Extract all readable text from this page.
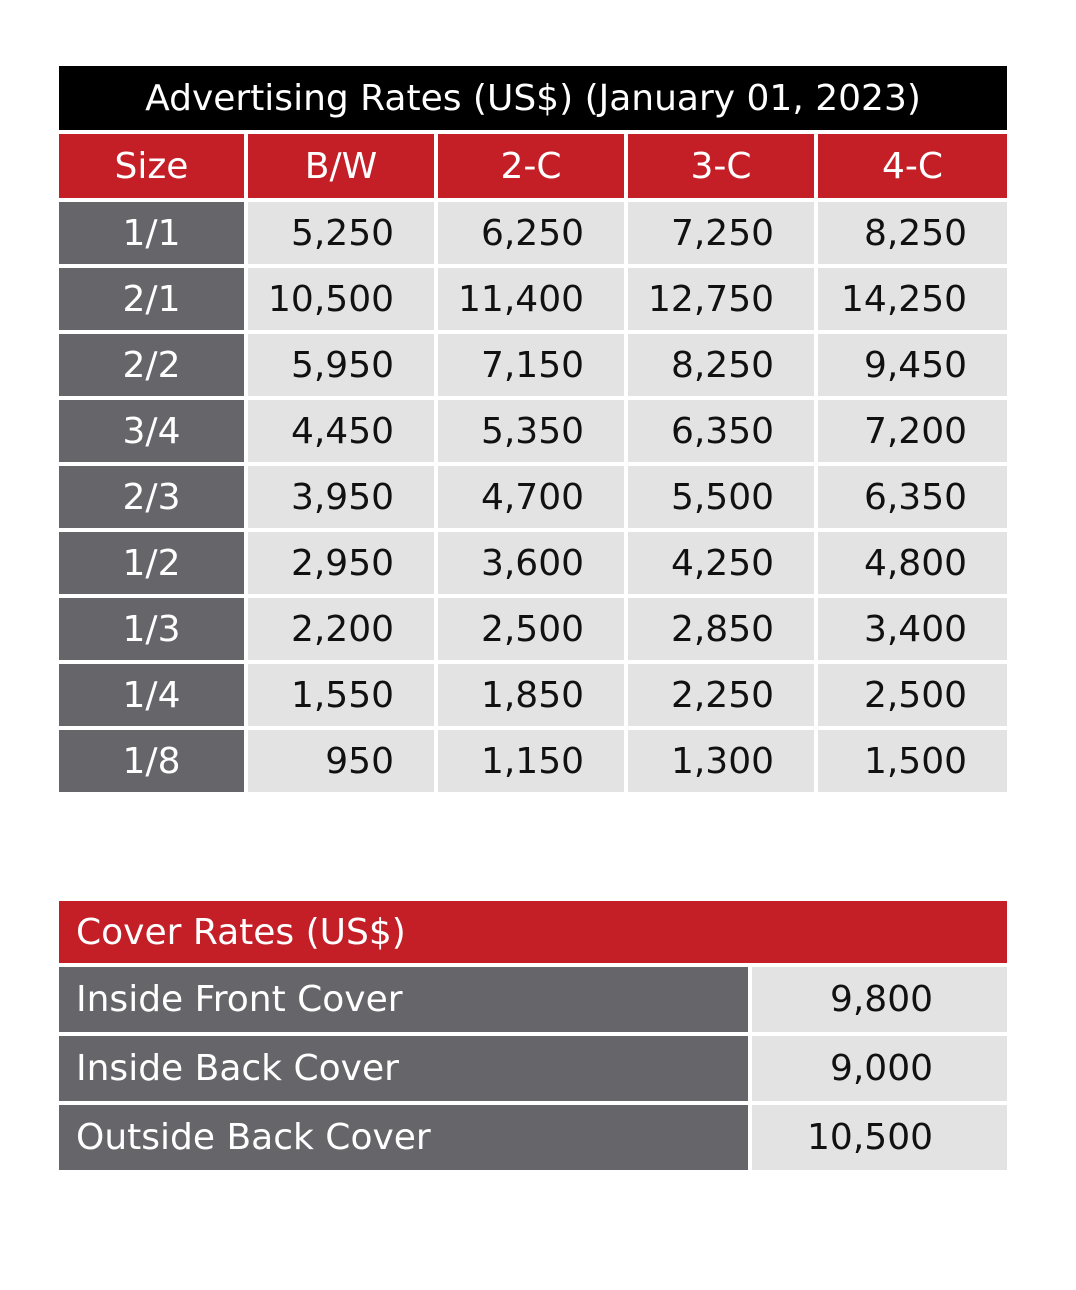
Advertising Rates (US$) (January 01, 2023)
Size	B/W	2-C	3-C	4-C
1/1	5,250	6,250	7,250	8,250
2/1	10,500	11,400	12,750	14,250
2/2	5,950	7,150	8,250	9,450
3/4	4,450	5,350	6,350	7,200
2/3	3,950	4,700	5,500	6,350
1/2	2,950	3,600	4,250	4,800
1/3	2,200	2,500	2,850	3,400
1/4	1,550	1,850	2,250	2,500
1/8	950	1,150	1,300	1,500
Cover Rates (US$)
Inside Front Cover	9,800
Inside Back Cover	9,000
Outside Back Cover	10,500
